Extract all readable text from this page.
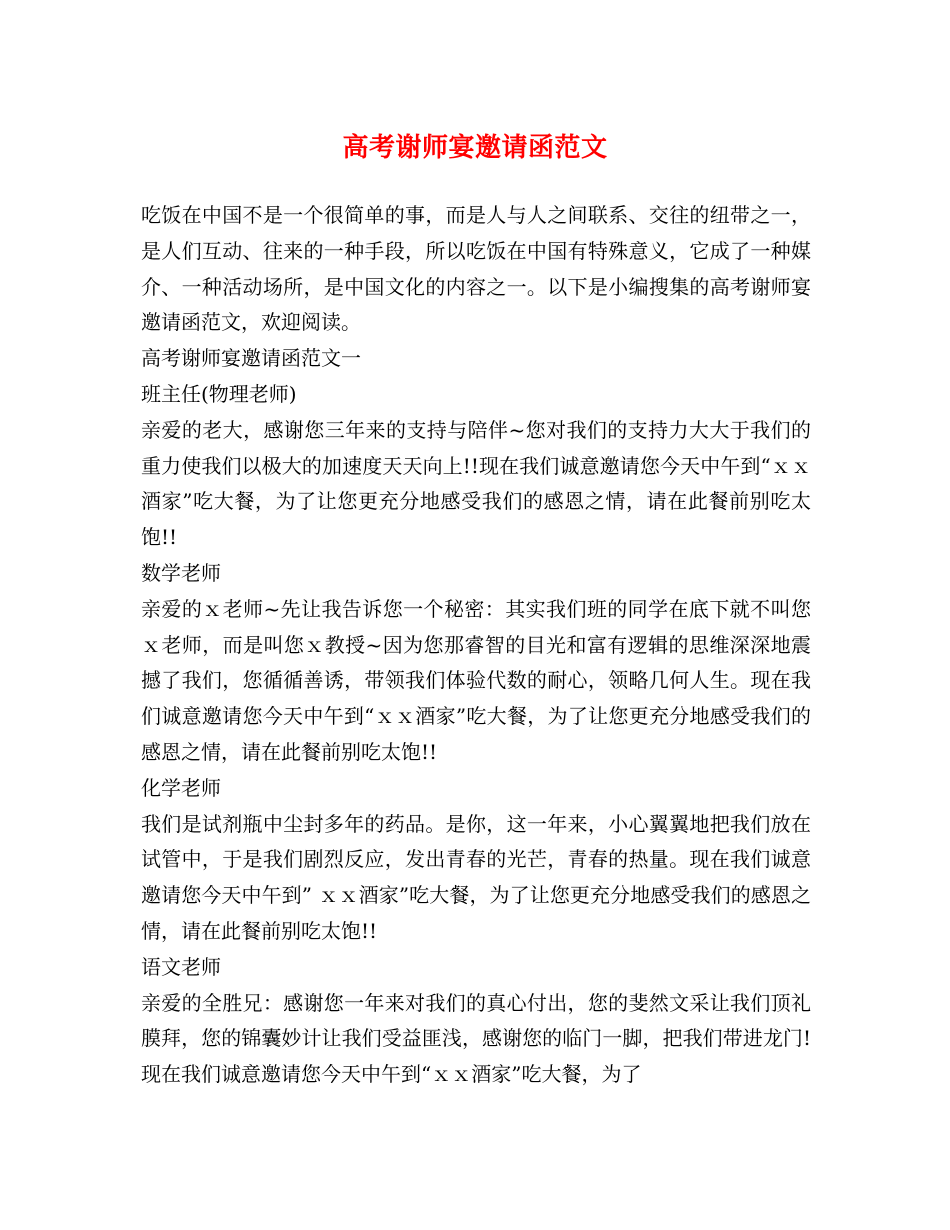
高考谢师宴邀请函范文

吃饭在中国不是一个很简单的事，而是人与人之间联系、交往的纽带之一，是人们互动、往来的一种手段，所以吃饭在中国有特殊意义，它成了一种媒介、一种活动场所，是中国文化的内容之一。以下是小编搜集的高考谢师宴邀请函范文，欢迎阅读。

高考谢师宴邀请函范文一

班主任(物理老师)

亲爱的老大，感谢您三年来的支持与陪伴~您对我们的支持力大大于我们的重力使我们以极大的加速度天天向上!!现在我们诚意邀请您今天中午到“ｘｘ酒家”吃大餐，为了让您更充分地感受我们的感恩之情，请在此餐前别吃太饱!!

数学老师

亲爱的ｘ老师~先让我告诉您一个秘密：其实我们班的同学在底下就不叫您ｘ老师，而是叫您ｘ教授~因为您那睿智的目光和富有逻辑的思维深深地震撼了我们，您循循善诱，带领我们体验代数的耐心，领略几何人生。现在我们诚意邀请您今天中午到“ｘｘ酒家”吃大餐，为了让您更充分地感受我们的感恩之情，请在此餐前别吃太饱!!

化学老师

我们是试剂瓶中尘封多年的药品。是你，这一年来，小心翼翼地把我们放在试管中，于是我们剧烈反应，发出青春的光芒，青春的热量。现在我们诚意邀请您今天中午到” ｘｘ酒家”吃大餐，为了让您更充分地感受我们的感恩之情，请在此餐前别吃太饱!!

语文老师

亲爱的全胜兄：感谢您一年来对我们的真心付出，您的斐然文采让我们顶礼膜拜，您的锦囊妙计让我们受益匪浅，感谢您的临门一脚，把我们带进龙门!现在我们诚意邀请您今天中午到“ｘｘ酒家”吃大餐，为了
